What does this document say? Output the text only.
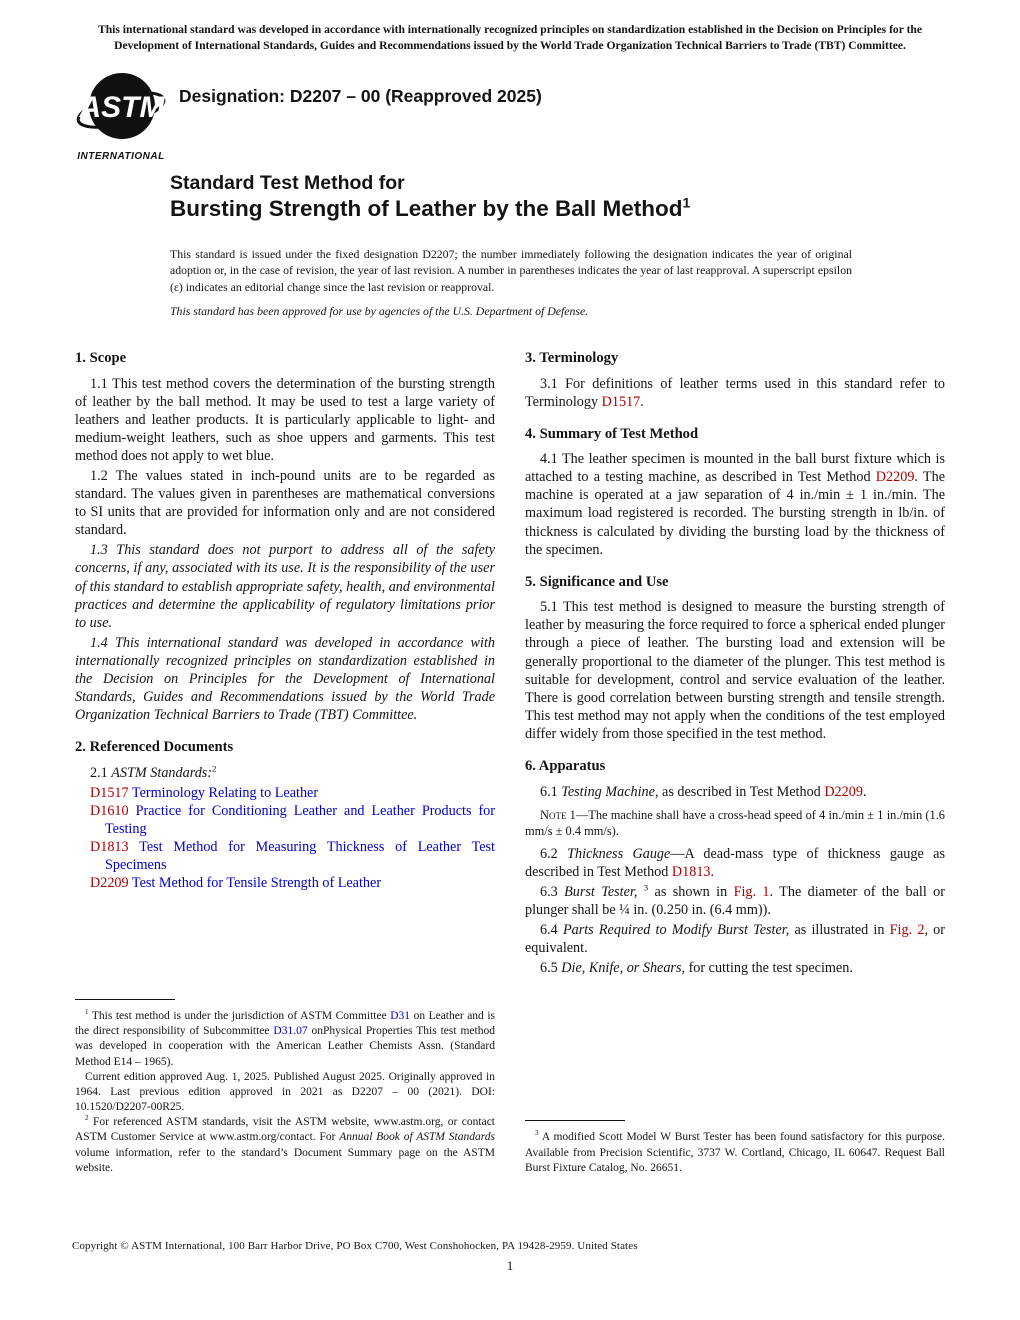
This international standard was developed in accordance with internationally recognized principles on standardization established in the Decision on Principles for the Development of International Standards, Guides and Recommendations issued by the World Trade Organization Technical Barriers to Trade (TBT) Committee.
ASTM
INTERNATIONAL
Designation: D2207 – 00 (Reapproved 2025)
Standard Test Method for
Bursting Strength of Leather by the Ball Method$^1$
This standard is issued under the fixed designation D2207; the number immediately following the designation indicates the year of original adoption or, in the case of revision, the year of last revision. A number in parentheses indicates the year of last reapproval. A superscript epsilon (ε) indicates an editorial change since the last revision or reapproval.
This standard has been approved for use by agencies of the U.S. Department of Defense.
1. Scope

1.1 This test method covers the determination of the bursting strength of leather by the ball method. It may be used to test a large variety of leathers and leather products. It is particularly applicable to light- and medium-weight leathers, such as shoe uppers and garments. This test method does not apply to wet blue.

1.2 The values stated in inch-pound units are to be regarded as standard. The values given in parentheses are mathematical conversions to SI units that are provided for information only and are not considered standard.

1.3 This standard does not purport to address all of the safety concerns, if any, associated with its use. It is the responsibility of the user of this standard to establish appropriate safety, health, and environmental practices and determine the applicability of regulatory limitations prior to use.

1.4 This international standard was developed in accordance with internationally recognized principles on standardization established in the Decision on Principles for the Development of International Standards, Guides and Recommendations issued by the World Trade Organization Technical Barriers to Trade (TBT) Committee.

2. Referenced Documents

2.1 ASTM Standards:$^2$

D1517 Terminology Relating to Leather
D1610 Practice for Conditioning Leather and Leather Products for Testing
D1813 Test Method for Measuring Thickness of Leather Test Specimens
D2209 Test Method for Tensile Strength of Leather

$^1$ This test method is under the jurisdiction of ASTM Committee D31 on Leather and is the direct responsibility of Subcommittee D31.07 onPhysical Properties This test method was developed in cooperation with the American Leather Chemists Assn. (Standard Method E14 – 1965).

Current edition approved Aug. 1, 2025. Published August 2025. Originally approved in 1964. Last previous edition approved in 2021 as D2207 – 00 (2021). DOI: 10.1520/D2207-00R25.

$^2$ For referenced ASTM standards, visit the ASTM website, www.astm.org, or contact ASTM Customer Service at www.astm.org/contact. For Annual Book of ASTM Standards volume information, refer to the standard’s Document Summary page on the ASTM website.

3. Terminology

3.1 For definitions of leather terms used in this standard refer to Terminology D1517.

4. Summary of Test Method

4.1 The leather specimen is mounted in the ball burst fixture which is attached to a testing machine, as described in Test Method D2209. The machine is operated at a jaw separation of 4 in./min ± 1 in./min. The maximum load registered is recorded. The bursting strength in lb/in. of thickness is calculated by dividing the bursting load by the thickness of the specimen.

5. Significance and Use

5.1 This test method is designed to measure the bursting strength of leather by measuring the force required to force a spherical ended plunger through a piece of leather. The bursting load and extension will be generally proportional to the diameter of the plunger. This test method is suitable for development, control and service evaluation of the leather. There is good correlation between bursting strength and tensile strength. This test method may not apply when the conditions of the test employed differ widely from those specified in the test method.

6. Apparatus

6.1 Testing Machine, as described in Test Method D2209.

Note 1—The machine shall have a cross-head speed of 4 in./min ± 1 in./min (1.6 mm/s ± 0.4 mm/s).

6.2 Thickness Gauge—A dead-mass type of thickness gauge as described in Test Method D1813.

6.3 Burst Tester, $^3$ as shown in Fig. 1. The diameter of the ball or plunger shall be ¼ in. (0.250 in. (6.4 mm)).

6.4 Parts Required to Modify Burst Tester, as illustrated in Fig. 2, or equivalent.

6.5 Die, Knife, or Shears, for cutting the test specimen.

$^3$ A modified Scott Model W Burst Tester has been found satisfactory for this purpose. Available from Precision Scientific, 3737 W. Cortland, Chicago, IL 60647. Request Ball Burst Fixture Catalog, No. 26651.

Copyright © ASTM International, 100 Barr Harbor Drive, PO Box C700, West Conshohocken, PA 19428-2959. United States
1
